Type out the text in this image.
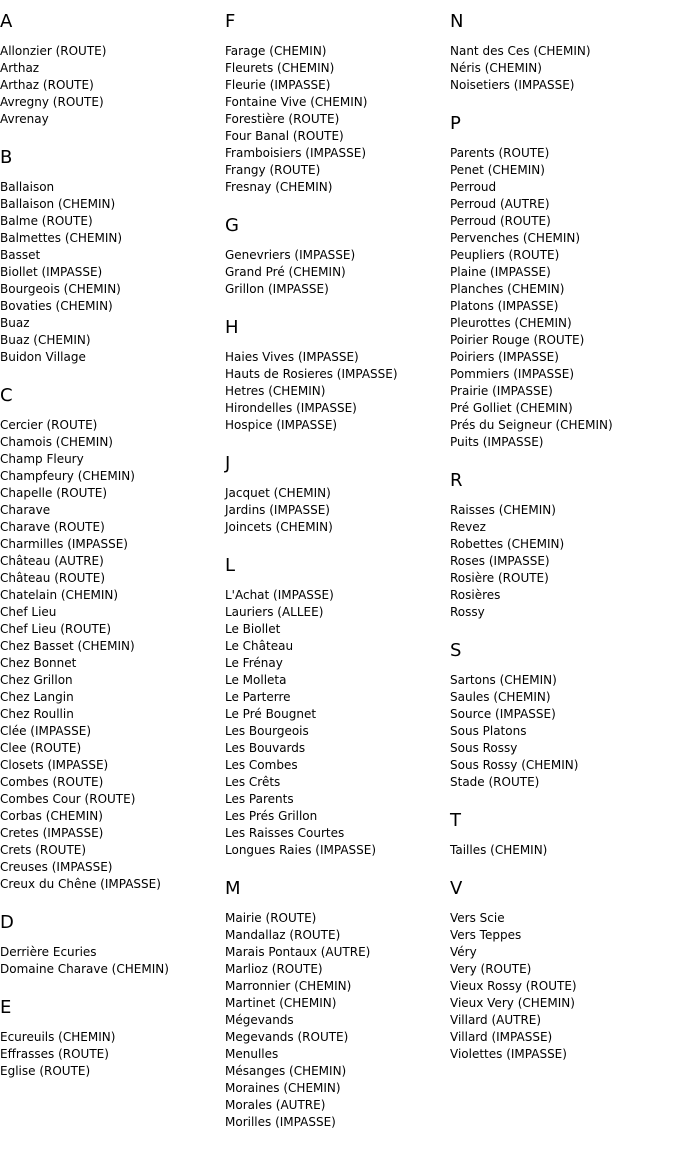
A
Allonzier (ROUTE)
Arthaz
Arthaz (ROUTE)
Avregny (ROUTE)
Avrenay
B
Ballaison
Ballaison (CHEMIN)
Balme (ROUTE)
Balmettes (CHEMIN)
Basset
Biollet (IMPASSE)
Bourgeois (CHEMIN)
Bovaties (CHEMIN)
Buaz
Buaz (CHEMIN)
Buidon Village
C
Cercier (ROUTE)
Chamois (CHEMIN)
Champ Fleury
Champfeury (CHEMIN)
Chapelle (ROUTE)
Charave
Charave (ROUTE)
Charmilles (IMPASSE)
Château (AUTRE)
Château (ROUTE)
Chatelain (CHEMIN)
Chef Lieu
Chef Lieu (ROUTE)
Chez Basset (CHEMIN)
Chez Bonnet
Chez Grillon
Chez Langin
Chez Roullin
Clée (IMPASSE)
Clee (ROUTE)
Closets (IMPASSE)
Combes (ROUTE)
Combes Cour (ROUTE)
Corbas (CHEMIN)
Cretes (IMPASSE)
Crets (ROUTE)
Creuses (IMPASSE)
Creux du Chêne (IMPASSE)
D
Derrière Ecuries
Domaine Charave (CHEMIN)
E
Ecureuils (CHEMIN)
Effrasses (ROUTE)
Eglise (ROUTE)
F
Farage (CHEMIN)
Fleurets (CHEMIN)
Fleurie (IMPASSE)
Fontaine Vive (CHEMIN)
Forestière (ROUTE)
Four Banal (ROUTE)
Framboisiers (IMPASSE)
Frangy (ROUTE)
Fresnay (CHEMIN)
G
Genevriers (IMPASSE)
Grand Pré (CHEMIN)
Grillon (IMPASSE)
H
Haies Vives (IMPASSE)
Hauts de Rosieres (IMPASSE)
Hetres (CHEMIN)
Hirondelles (IMPASSE)
Hospice (IMPASSE)
J
Jacquet (CHEMIN)
Jardins (IMPASSE)
Joincets (CHEMIN)
L
L'Achat (IMPASSE)
Lauriers (ALLEE)
Le Biollet
Le Château
Le Frénay
Le Molleta
Le Parterre
Le Pré Bougnet
Les Bourgeois
Les Bouvards
Les Combes
Les Crêts
Les Parents
Les Prés Grillon
Les Raisses Courtes
Longues Raies (IMPASSE)
M
Mairie (ROUTE)
Mandallaz (ROUTE)
Marais Pontaux (AUTRE)
Marlioz (ROUTE)
Marronnier (CHEMIN)
Martinet (CHEMIN)
Mégevands
Megevands (ROUTE)
Menulles
Mésanges (CHEMIN)
Moraines (CHEMIN)
Morales (AUTRE)
Morilles (IMPASSE)
N
Nant des Ces (CHEMIN)
Néris (CHEMIN)
Noisetiers (IMPASSE)
P
Parents (ROUTE)
Penet (CHEMIN)
Perroud
Perroud (AUTRE)
Perroud (ROUTE)
Pervenches (CHEMIN)
Peupliers (ROUTE)
Plaine (IMPASSE)
Planches (CHEMIN)
Platons (IMPASSE)
Pleurottes (CHEMIN)
Poirier Rouge (ROUTE)
Poiriers (IMPASSE)
Pommiers (IMPASSE)
Prairie (IMPASSE)
Pré Golliet (CHEMIN)
Prés du Seigneur (CHEMIN)
Puits (IMPASSE)
R
Raisses (CHEMIN)
Revez
Robettes (CHEMIN)
Roses (IMPASSE)
Rosière (ROUTE)
Rosières
Rossy
S
Sartons (CHEMIN)
Saules (CHEMIN)
Source (IMPASSE)
Sous Platons
Sous Rossy
Sous Rossy (CHEMIN)
Stade (ROUTE)
T
Tailles (CHEMIN)
V
Vers Scie
Vers Teppes
Véry
Very (ROUTE)
Vieux Rossy (ROUTE)
Vieux Very (CHEMIN)
Villard (AUTRE)
Villard (IMPASSE)
Violettes (IMPASSE)
